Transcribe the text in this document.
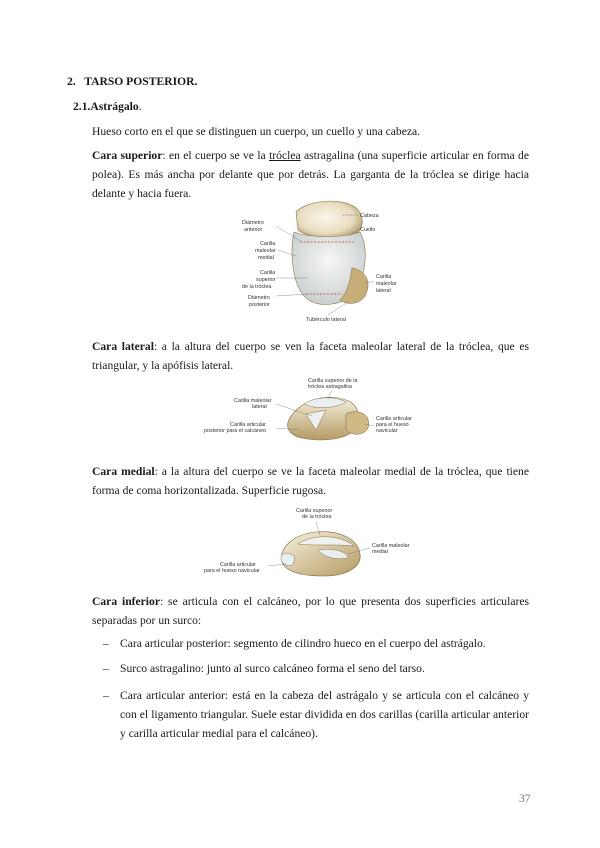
2. TARSO POSTERIOR.
2.1.Astrágalo.
Hueso corto en el que se distinguen un cuerpo, un cuello y una cabeza.
Cara superior: en el cuerpo se ve la tróclea astragalina (una superficie articular en forma de polea). Es más ancha por delante que por detrás. La garganta de la tróclea se dirige hacia delante y hacia fuera.
Diámetro
anterior
Carilla
maleolar
medial
Carilla
superior
de la tróclea
Diámetro
posterior
Cabeza
Cuello
Carilla
maleolar
lateral
Tubérculo lateral
Cara lateral: a la altura del cuerpo se ven la faceta maleolar lateral de la tróclea, que es triangular, y la apófisis lateral.
Carilla superior de la
tróclea astragalina
Carilla maleolar
lateral
Carilla articular
posterior para el calcáneo
Carilla articular
para el hueso
navicular
Cara medial: a la altura del cuerpo se ve la faceta maleolar medial de la tróclea, que tiene forma de coma horizontalizada. Superficie rugosa.
Carilla superior
de la tróclea
Carilla maleolar
medial
Carilla articular
para el hueso navicular
Cara inferior: se articula con el calcáneo, por lo que presenta dos superficies articulares separadas por un surco:
– Cara articular posterior: segmento de cilindro hueco en el cuerpo del astrágalo.
– Surco astragalino: junto al surco calcáneo forma el seno del tarso.
– Cara articular anterior: está en la cabeza del astrágalo y se articula con el calcáneo y con el ligamento triangular. Suele estar dividida en dos carillas (carilla articular anterior y carilla articular medial para el calcáneo).
37
